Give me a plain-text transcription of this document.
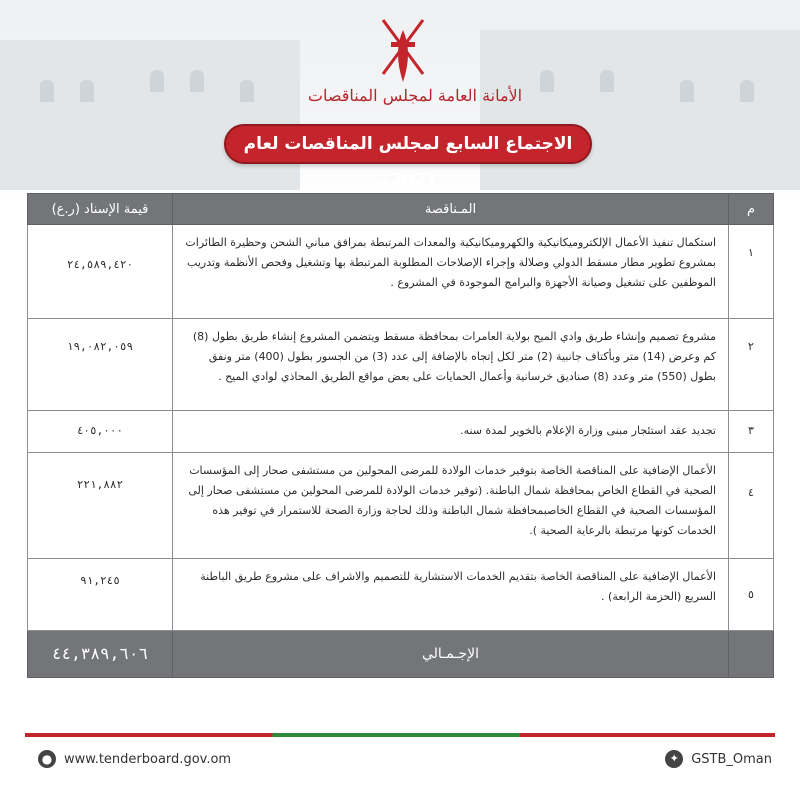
الأمانة العامة لمجلس المناقصات
الاجتماع السابع لمجلس المناقصات لعام 2021م
م	المـناقصة	قيمة الإسناد (ر.ع)
١	استكمال تنفيذ الأعمال الإلكتروميكانيكية والكهروميكانيكية والمعدات المرتبطة بمرافق مباني الشحن وحظيرة الطائرات بمشروع تطوير مطار مسقط الدولي وصلالة وإجراء الإصلاحات المطلوبة المرتبطة بها وتشغيل وفحص الأنظمة وتدريب الموظفين على تشغيل وصيانة الأجهزة والبرامج الموجودة في المشروع .	٢٤,٥٨٩,٤٢٠
٢	مشروع تصميم وإنشاء طريق وادي الميح بولاية العامرات بمحافظة مسقط ويتضمن المشروع إنشاء طريق بطول (8) كم وعرض (14) متر وبأكتاف جانبية (2) متر لكل إتجاه بالإضافة إلى عدد (3) من الجسور بطول (400) متر ونفق بطول (550) متر وعدد (8) صناديق خرسانية وأعمال الحمايات على بعض مواقع الطريق المحاذي لوادي الميح .	١٩,٠٨٢,٠٥٩
٣	تجديد عقد استئجار مبنى وزارة الإعلام بالخوير لمدة سنه.	٤٠٥,٠٠٠
٤	الأعمال الإضافية على المناقصة الخاصة بتوفير خدمات الولادة للمرضى المحولين من مستشفى صحار إلى المؤسسات الصحية في القطاع الخاص بمحافظة شمال الباطنة. (توفير خدمات الولادة للمرضى المحولين من مستشفى صحار إلى المؤسسات الصحية في القطاع الخاصبمحافظة شمال الباطنة وذلك لحاجة وزارة الصحة للاستمرار في توفير هذه الخدمات كونها مرتبطة بالرعاية الصحية ).	٢٢١,٨٨٢
٥	الأعمال الإضافية على المناقصة الخاصة بتقديم الخدمات الاستشارية للتصميم والاشراف على مشروع طريق الباطنة السريع (الحزمة الرابعة) .	٩١,٢٤٥
	الإجـمـالي	٤٤,٣٨٩,٦٠٦
● www.tenderboard.gov.om	✦ GSTB_Oman
